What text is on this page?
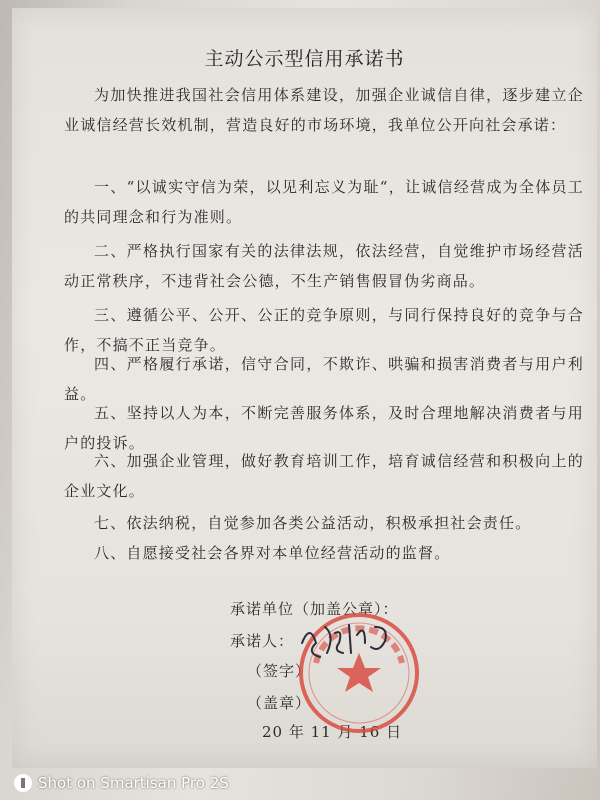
主动公示型信用承诺书

为加快推进我国社会信用体系建设，加强企业诚信自律，逐步建立企业诚信经营长效机制，营造良好的市场环境，我单位公开向社会承诺：

一、“以诚实守信为荣，以见利忘义为耻“，让诚信经营成为全体员工的共同理念和行为准则。

二、严格执行国家有关的法律法规，依法经营，自觉维护市场经营活动正常秩序，不违背社会公德，不生产销售假冒伪劣商品。

三、遵循公平、公开、公正的竞争原则，与同行保持良好的竞争与合作，不搞不正当竞争。

四、严格履行承诺，信守合同，不欺诈、哄骗和损害消费者与用户利益。

五、坚持以人为本，不断完善服务体系，及时合理地解决消费者与用户的投诉。

六、加强企业管理，做好教育培训工作，培育诚信经营和积极向上的企业文化。

七、依法纳税，自觉参加各类公益活动，积极承担社会责任。

八、自愿接受社会各界对本单位经营活动的监督。

承诺单位（加盖公章）：
承诺人：
（签字）
（盖章）
20 年 11 月 16 日
Shot on Smartisan Pro 2S
